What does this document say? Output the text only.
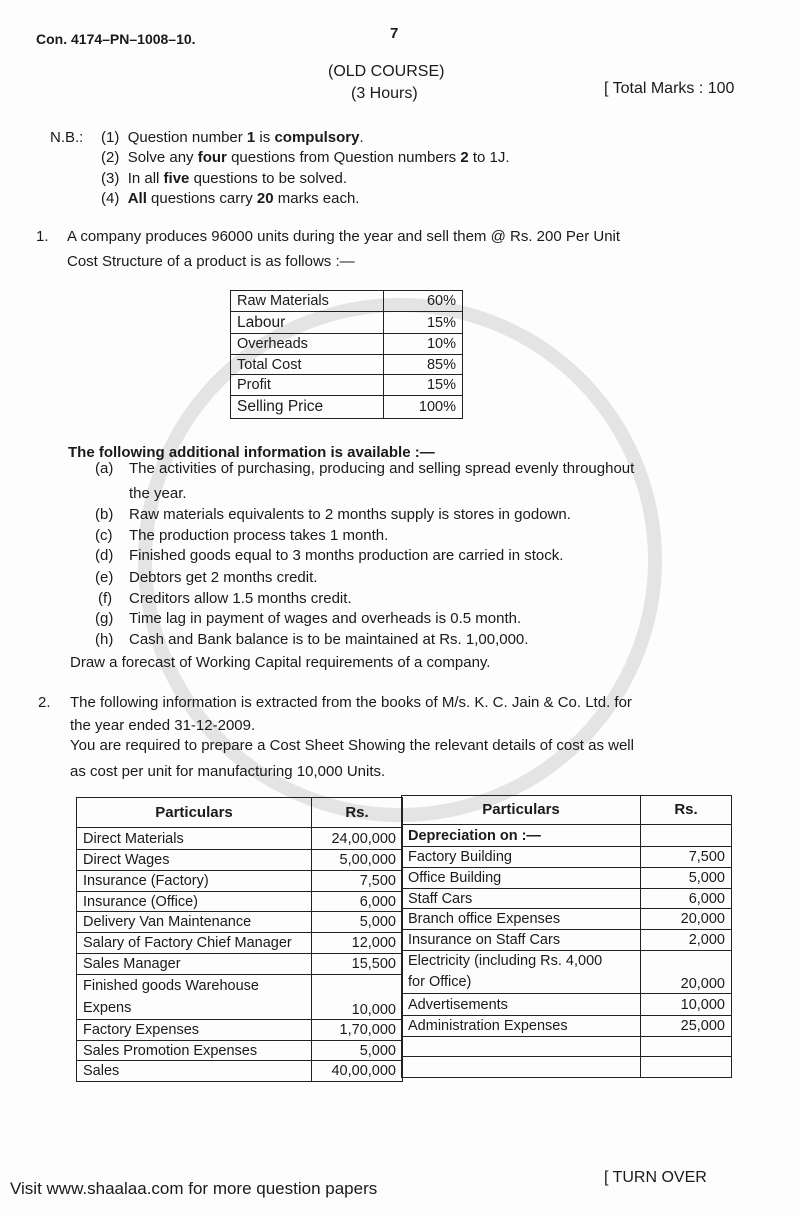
Con. 4174–PN–1008–10.	7
(OLD COURSE)
(3 Hours)	[ Total Marks : 100
N.B.: (1) Question number 1 is compulsory.
(2) Solve any four questions from Question numbers 2 to 1J.
(3) In all five questions to be solved.
(4) All questions carry 20 marks each.
1. A company produces 96000 units during the year and sell them @ Rs. 200 Per Unit
Cost Structure of a product is as follows :—
Raw Materials	60%
Labour	15%
Overheads	10%
Total Cost	85%
Profit	15%
Selling Price	100%
The following additional information is available :—
(a) The activities of purchasing, producing and selling spread evenly throughout
the year.
(b) Raw materials equivalents to 2 months supply is stores in godown.
(c) The production process takes 1 month.
(d) Finished goods equal to 3 months production are carried in stock.
(e) Debtors get 2 months credit.
(f) Creditors allow 1.5 months credit.
(g) Time lag in payment of wages and overheads is 0.5 month.
(h) Cash and Bank balance is to be maintained at Rs. 1,00,000.
Draw a forecast of Working Capital requirements of a company.
2. The following information is extracted from the books of M/s. K. C. Jain & Co. Ltd. for
the year ended 31-12-2009.
You are required to prepare a Cost Sheet Showing the relevant details of cost as well
as cost per unit for manufacturing 10,000 Units.
Particulars	Rs.
Direct Materials	24,00,000
Direct Wages	5,00,000
Insurance (Factory)	7,500
Insurance (Office)	6,000
Delivery Van Maintenance	5,000
Salary of Factory Chief Manager	12,000
Sales Manager	15,500

Finished goods Warehouse
Expens	10,000
Factory Expenses	1,70,000
Sales Promotion Expenses	5,000
Sales	40,00,000
Particulars	Rs.
Depreciation on :—	
Factory Building	7,500
Office Building	5,000
Staff Cars	6,000
Branch office Expenses	20,000
Insurance on Staff Cars	2,000

Electricity (including Rs. 4,000
for Office)	20,000
Advertisements	10,000
Administration Expenses	25,000

Visit www.shaalaa.com for more question papers
[ TURN OVER
